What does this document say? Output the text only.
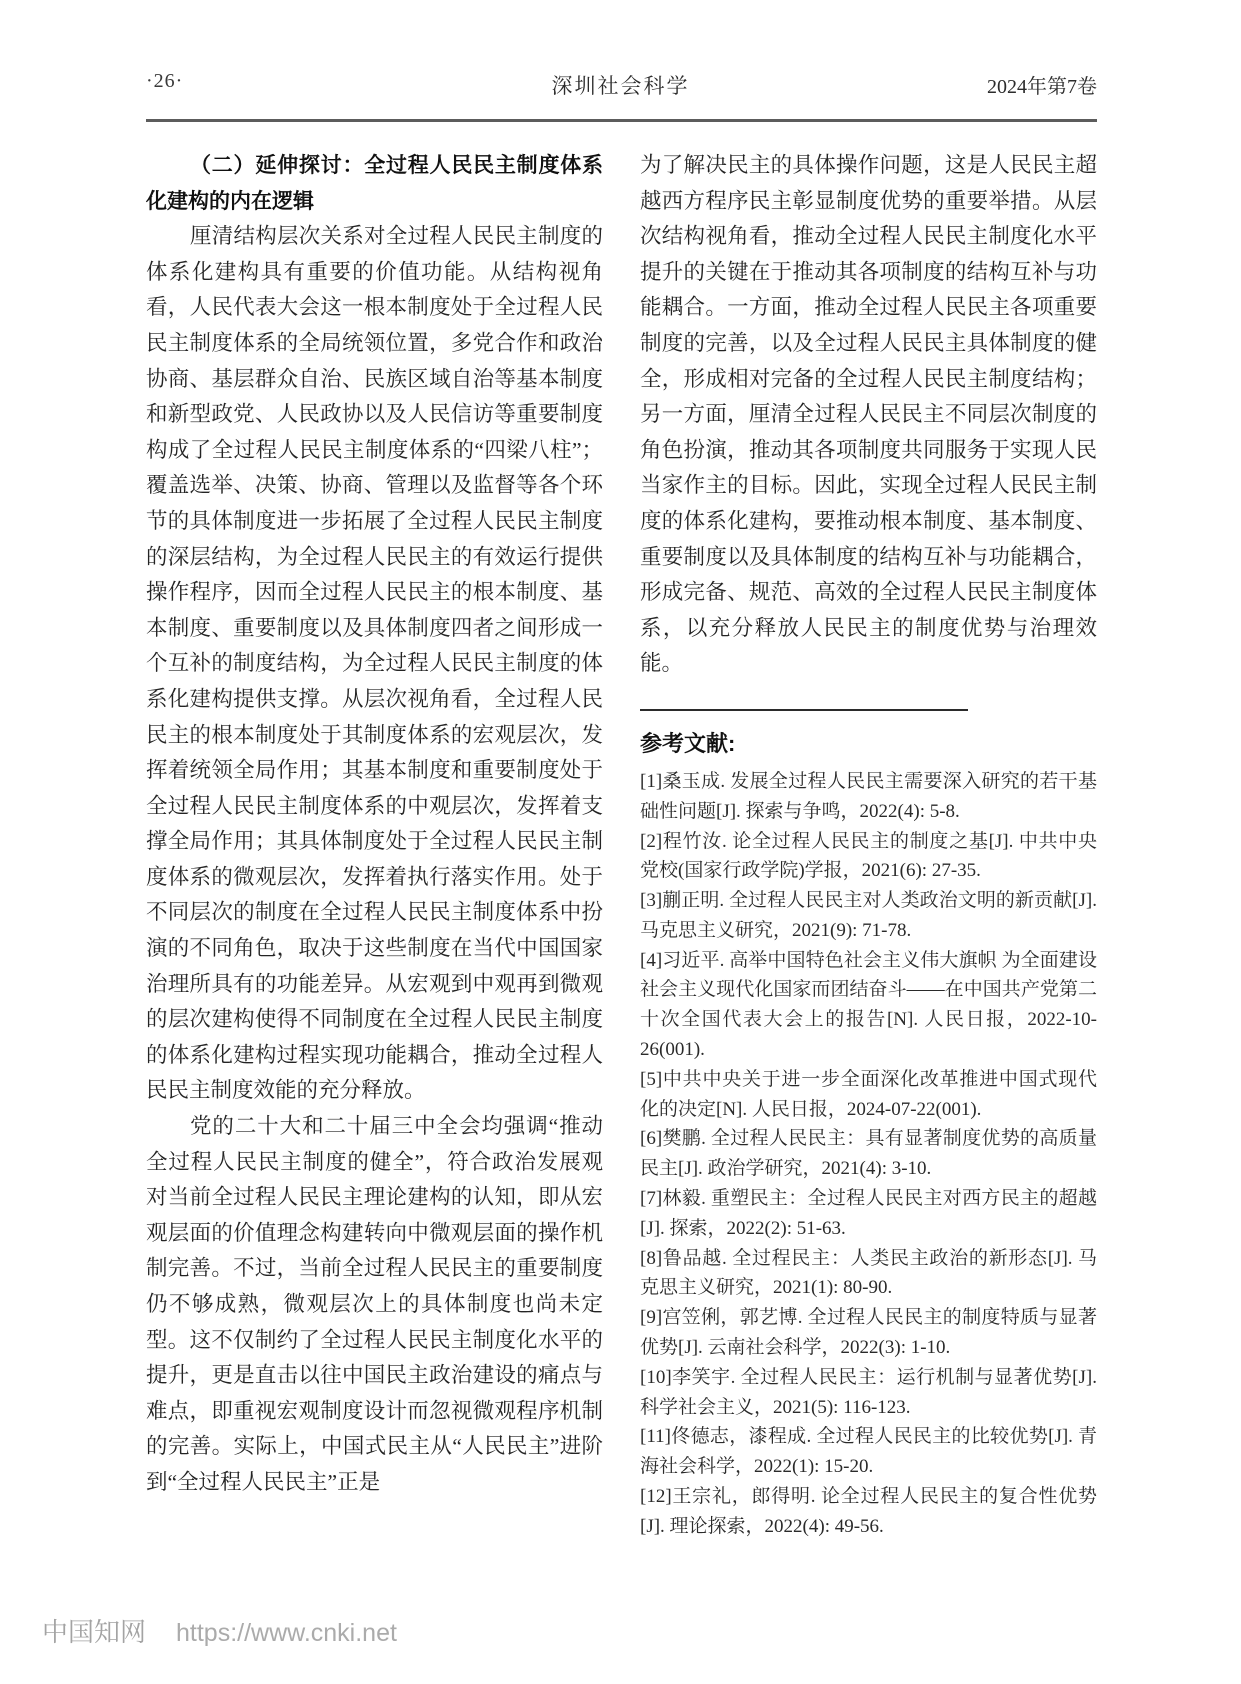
·26·	深圳社会科学	2024年第7卷
（二）延伸探讨：全过程人民民主制度体系化建构的内在逻辑

厘清结构层次关系对全过程人民民主制度的体系化建构具有重要的价值功能。从结构视角看，人民代表大会这一根本制度处于全过程人民民主制度体系的全局统领位置，多党合作和政治协商、基层群众自治、民族区域自治等基本制度和新型政党、人民政协以及人民信访等重要制度构成了全过程人民民主制度体系的“四梁八柱”；覆盖选举、决策、协商、管理以及监督等各个环节的具体制度进一步拓展了全过程人民民主制度的深层结构，为全过程人民民主的有效运行提供操作程序，因而全过程人民民主的根本制度、基本制度、重要制度以及具体制度四者之间形成一个互补的制度结构，为全过程人民民主制度的体系化建构提供支撑。从层次视角看，全过程人民民主的根本制度处于其制度体系的宏观层次，发挥着统领全局作用；其基本制度和重要制度处于全过程人民民主制度体系的中观层次，发挥着支撑全局作用；其具体制度处于全过程人民民主制度体系的微观层次，发挥着执行落实作用。处于不同层次的制度在全过程人民民主制度体系中扮演的不同角色，取决于这些制度在当代中国国家治理所具有的功能差异。从宏观到中观再到微观的层次建构使得不同制度在全过程人民民主制度的体系化建构过程实现功能耦合，推动全过程人民民主制度效能的充分释放。

党的二十大和二十届三中全会均强调“推动全过程人民民主制度的健全”，符合政治发展观对当前全过程人民民主理论建构的认知，即从宏观层面的价值理念构建转向中微观层面的操作机制完善。不过，当前全过程人民民主的重要制度仍不够成熟，微观层次上的具体制度也尚未定型。这不仅制约了全过程人民民主制度化水平的提升，更是直击以往中国民主政治建设的痛点与难点，即重视宏观制度设计而忽视微观程序机制的完善。实际上，中国式民主从“人民民主”进阶到“全过程人民民主”正是

为了解决民主的具体操作问题，这是人民民主超越西方程序民主彰显制度优势的重要举措。从层次结构视角看，推动全过程人民民主制度化水平提升的关键在于推动其各项制度的结构互补与功能耦合。一方面，推动全过程人民民主各项重要制度的完善，以及全过程人民民主具体制度的健全，形成相对完备的全过程人民民主制度结构；另一方面，厘清全过程人民民主不同层次制度的角色扮演，推动其各项制度共同服务于实现人民当家作主的目标。因此，实现全过程人民民主制度的体系化建构，要推动根本制度、基本制度、重要制度以及具体制度的结构互补与功能耦合，形成完备、规范、高效的全过程人民民主制度体系，以充分释放人民民主的制度优势与治理效能。

参考文献:

[1]桑玉成. 发展全过程人民民主需要深入研究的若干基础性问题[J]. 探索与争鸣，2022(4): 5-8.

[2]程竹汝. 论全过程人民民主的制度之基[J]. 中共中央党校(国家行政学院)学报，2021(6): 27-35.

[3]蒯正明. 全过程人民民主对人类政治文明的新贡献[J]. 马克思主义研究，2021(9): 71-78.

[4]习近平. 高举中国特色社会主义伟大旗帜 为全面建设社会主义现代化国家而团结奋斗——在中国共产党第二十次全国代表大会上的报告[N]. 人民日报，2022-10-26(001).

[5]中共中央关于进一步全面深化改革推进中国式现代化的决定[N]. 人民日报，2024-07-22(001).

[6]樊鹏. 全过程人民民主：具有显著制度优势的高质量民主[J]. 政治学研究，2021(4): 3-10.

[7]林毅. 重塑民主：全过程人民民主对西方民主的超越[J]. 探索，2022(2): 51-63.

[8]鲁品越. 全过程民主：人类民主政治的新形态[J]. 马克思主义研究，2021(1): 80-90.

[9]宫笠俐，郭艺博. 全过程人民民主的制度特质与显著优势[J]. 云南社会科学，2022(3): 1-10.

[10]李笑宇. 全过程人民民主：运行机制与显著优势[J]. 科学社会主义，2021(5): 116-123.

[11]佟德志，漆程成. 全过程人民民主的比较优势[J]. 青海社会科学，2022(1): 15-20.

[12]王宗礼，郎得明. 论全过程人民民主的复合性优势[J]. 理论探索，2022(4): 49-56.

中国知网 https://www.cnki.net
